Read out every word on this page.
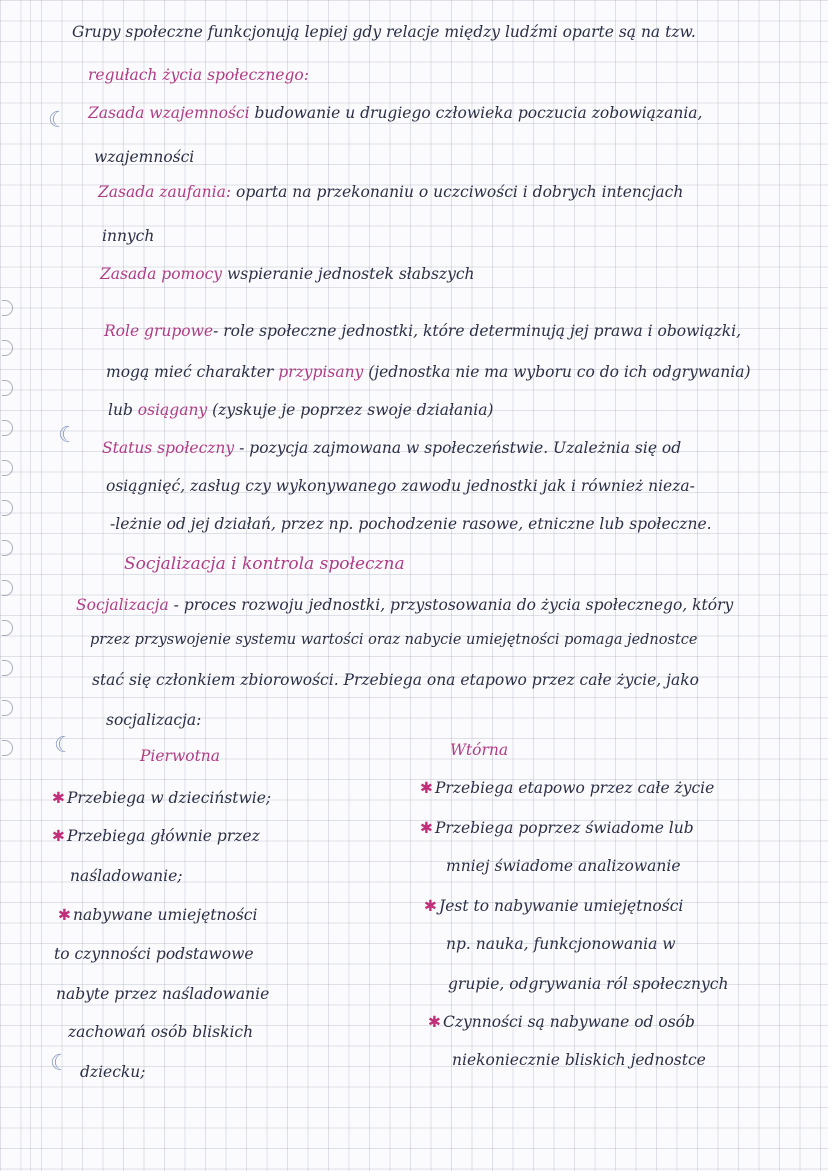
☾
☾
☾
☾
Grupy społeczne funkcjonują lepiej gdy relacje między ludźmi oparte są na tzw.
regułach życia społecznego:
Zasada wzajemności budowanie u drugiego człowieka poczucia zobowiązania,
wzajemności
Zasada zaufania: oparta na przekonaniu o uczciwości i dobrych intencjach
innych
Zasada pomocy wspieranie jednostek słabszych
Role grupowe- role społeczne jednostki, które determinują jej prawa i obowiązki,
mogą mieć charakter przypisany (jednostka nie ma wyboru co do ich odgrywania)
lub osiągany (zyskuje je poprzez swoje działania)
Status społeczny - pozycja zajmowana w społeczeństwie. Uzależnia się od
osiągnięć, zasług czy wykonywanego zawodu jednostki jak i również nieza-
-leżnie od jej działań, przez np. pochodzenie rasowe, etniczne lub społeczne.
Socjalizacja i kontrola społeczna
Socjalizacja - proces rozwoju jednostki, przystosowania do życia społecznego, który
przez przyswojenie systemu wartości oraz nabycie umiejętności pomaga jednostce
stać się członkiem zbiorowości. Przebiega ona etapowo przez całe życie, jako
socjalizacja:
Pierwotna
✱ Przebiega w dzieciństwie;
✱ Przebiega głównie przez
naśladowanie;
✱ nabywane umiejętności
to czynności podstawowe
nabyte przez naśladowanie
zachowań osób bliskich
dziecku;
Wtórna
✱ Przebiega etapowo przez całe życie
✱ Przebiega poprzez świadome lub
mniej świadome analizowanie
✱ Jest to nabywanie umiejętności
np. nauka, funkcjonowania w
grupie, odgrywania ról społecznych
✱ Czynności są nabywane od osób
niekoniecznie bliskich jednostce
